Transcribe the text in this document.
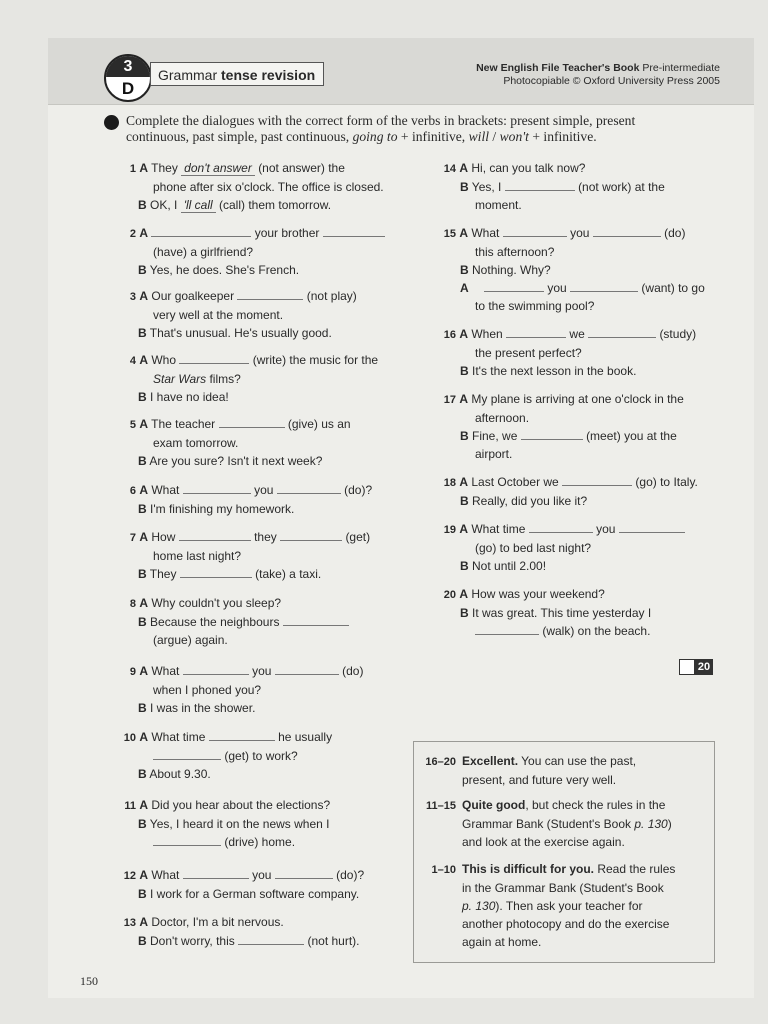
3
D
Grammar tense revision	New English File Teacher's Book Pre-intermediate
Photocopiable © Oxford University Press 2005
Complete the dialogues with the correct form of the verbs in brackets: present simple, present
continuous, past simple, past continuous, going to + infinitive, will / won't + infinitive.
1 A They don't answer (not answer) the
phone after six o'clock. The office is closed.
B OK, I 'll call (call) them tomorrow.
2 A	your brother
(have) a girlfriend?
B Yes, he does. She's French.
3 A Our goalkeeper	(not play)
very well at the moment.
B That's unusual. He's usually good.
4 A Who	(write) the music for the
Star Wars films?
B I have no idea!
5 A The teacher	(give) us an
exam tomorrow.
B Are you sure? Isn't it next week?
6 A What	you	(do)?
B I'm finishing my homework.
7 A How	they	(get)
home last night?
B They	(take) a taxi.
8 A Why couldn't you sleep?
B Because the neighbours
(argue) again.
9 A What	you	(do)
when I phoned you?
B I was in the shower.
10 A What time	he usually
(get) to work?
B About 9.30.
11 A Did you hear about the elections?
B Yes, I heard it on the news when I
(drive) home.
12 A What	you	(do)?
B I work for a German software company.
13 A Doctor, I'm a bit nervous.
B Don't worry, this	(not hurt).
14 A Hi, can you talk now?
B Yes, I	(not work) at the
moment.
15 A What	you	(do)
this afternoon?
B Nothing. Why?
A	you	(want) to go
to the swimming pool?
16 A When	we	(study)
the present perfect?
B It's the next lesson in the book.
17 A My plane is arriving at one o'clock in the
afternoon.
B Fine, we	(meet) you at the
airport.
18 A Last October we	(go) to Italy.
B Really, did you like it?
19 A What time	you
(go) to bed last night?
B Not until 2.00!
20 A How was your weekend?
B It was great. This time yesterday I
(walk) on the beach.
20
16–20 Excellent. You can use the past,
present, and future very well.
11–15 Quite good, but check the rules in the
Grammar Bank (Student's Book p. 130)
and look at the exercise again.
1–10 This is difficult for you. Read the rules
in the Grammar Bank (Student's Book
p. 130). Then ask your teacher for
another photocopy and do the exercise
again at home.
150
